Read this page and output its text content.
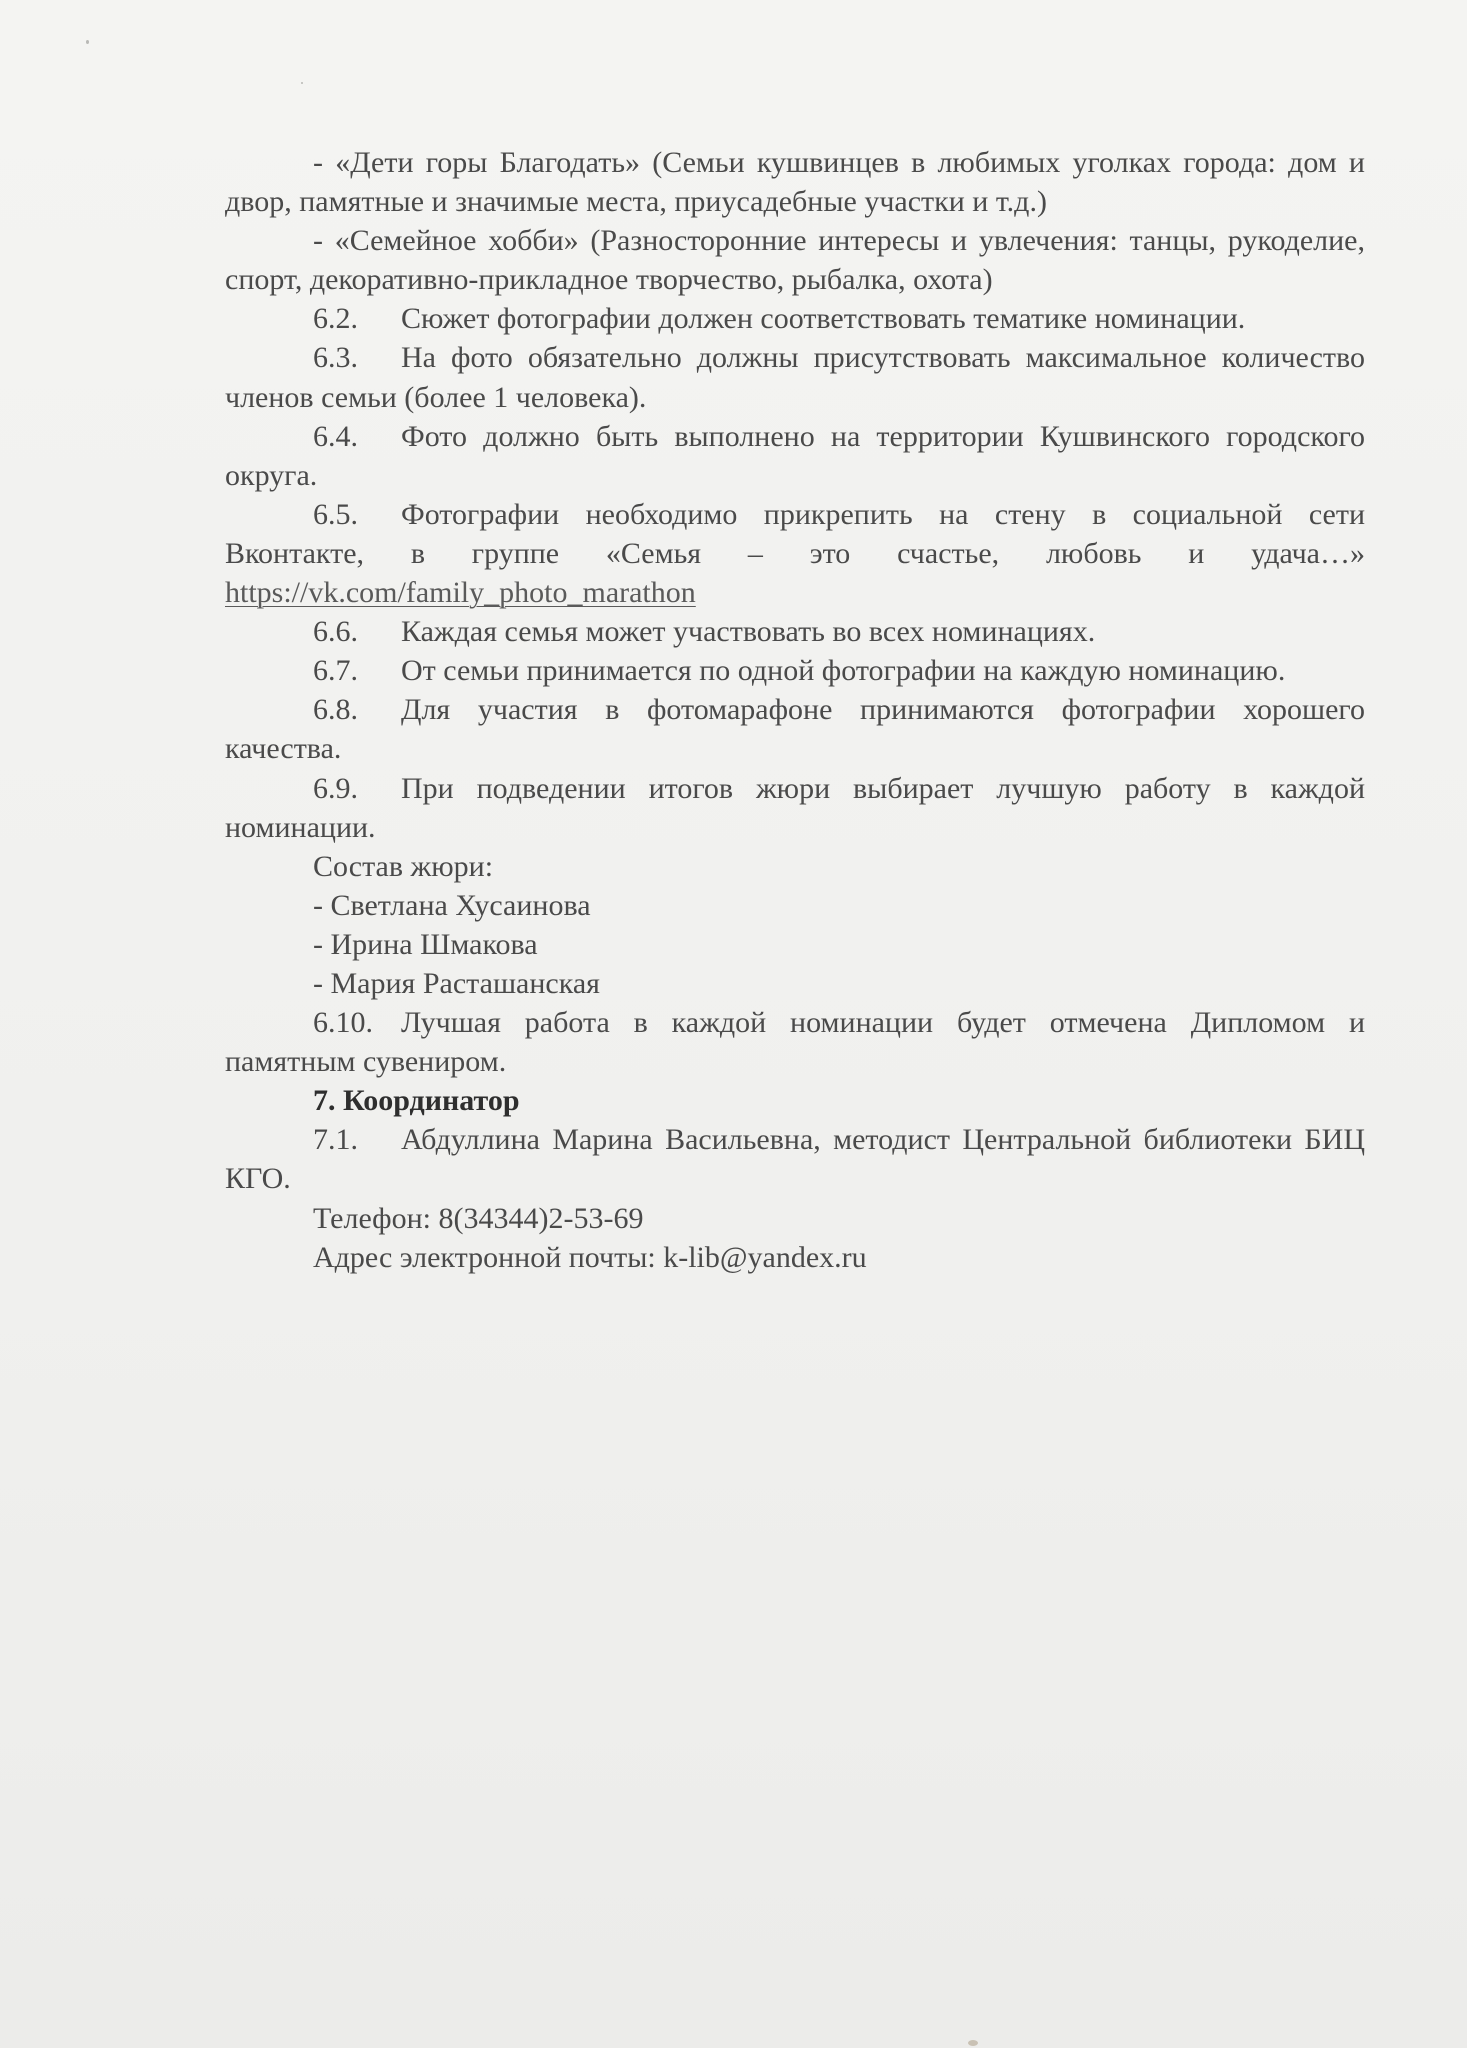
- «Дети горы Благодать» (Семьи кушвинцев в любимых уголках города: дом и двор, памятные и значимые места, приусадебные участки и т.д.)

- «Семейное хобби» (Разносторонние интересы и увлечения: танцы, рукоделие, спорт, декоративно-прикладное творчество, рыбалка, охота)

6.2. Сюжет фотографии должен соответствовать тематике номинации.

6.3. На фото обязательно должны присутствовать максимальное количество членов семьи (более 1 человека).

6.4. Фото должно быть выполнено на территории Кушвинского городского округа.

6.5. Фотографии необходимо прикрепить на стену в социальной сети Вконтакте, в группе «Семья – это счастье, любовь и удача…»

https://vk.com/family_photo_marathon

6.6. Каждая семья может участвовать во всех номинациях.

6.7. От семьи принимается по одной фотографии на каждую номинацию.

6.8. Для участия в фотомарафоне принимаются фотографии хорошего качества.

6.9. При подведении итогов жюри выбирает лучшую работу в каждой номинации.

Состав жюри:

- Светлана Хусаинова

- Ирина Шмакова

- Мария Расташанская

6.10. Лучшая работа в каждой номинации будет отмечена Дипломом и памятным сувениром.

7. Координатор

7.1. Абдуллина Марина Васильевна, методист Центральной библиотеки БИЦ КГО.

Телефон: 8(34344)2-53-69

Адрес электронной почты: k-lib@yandex.ru
